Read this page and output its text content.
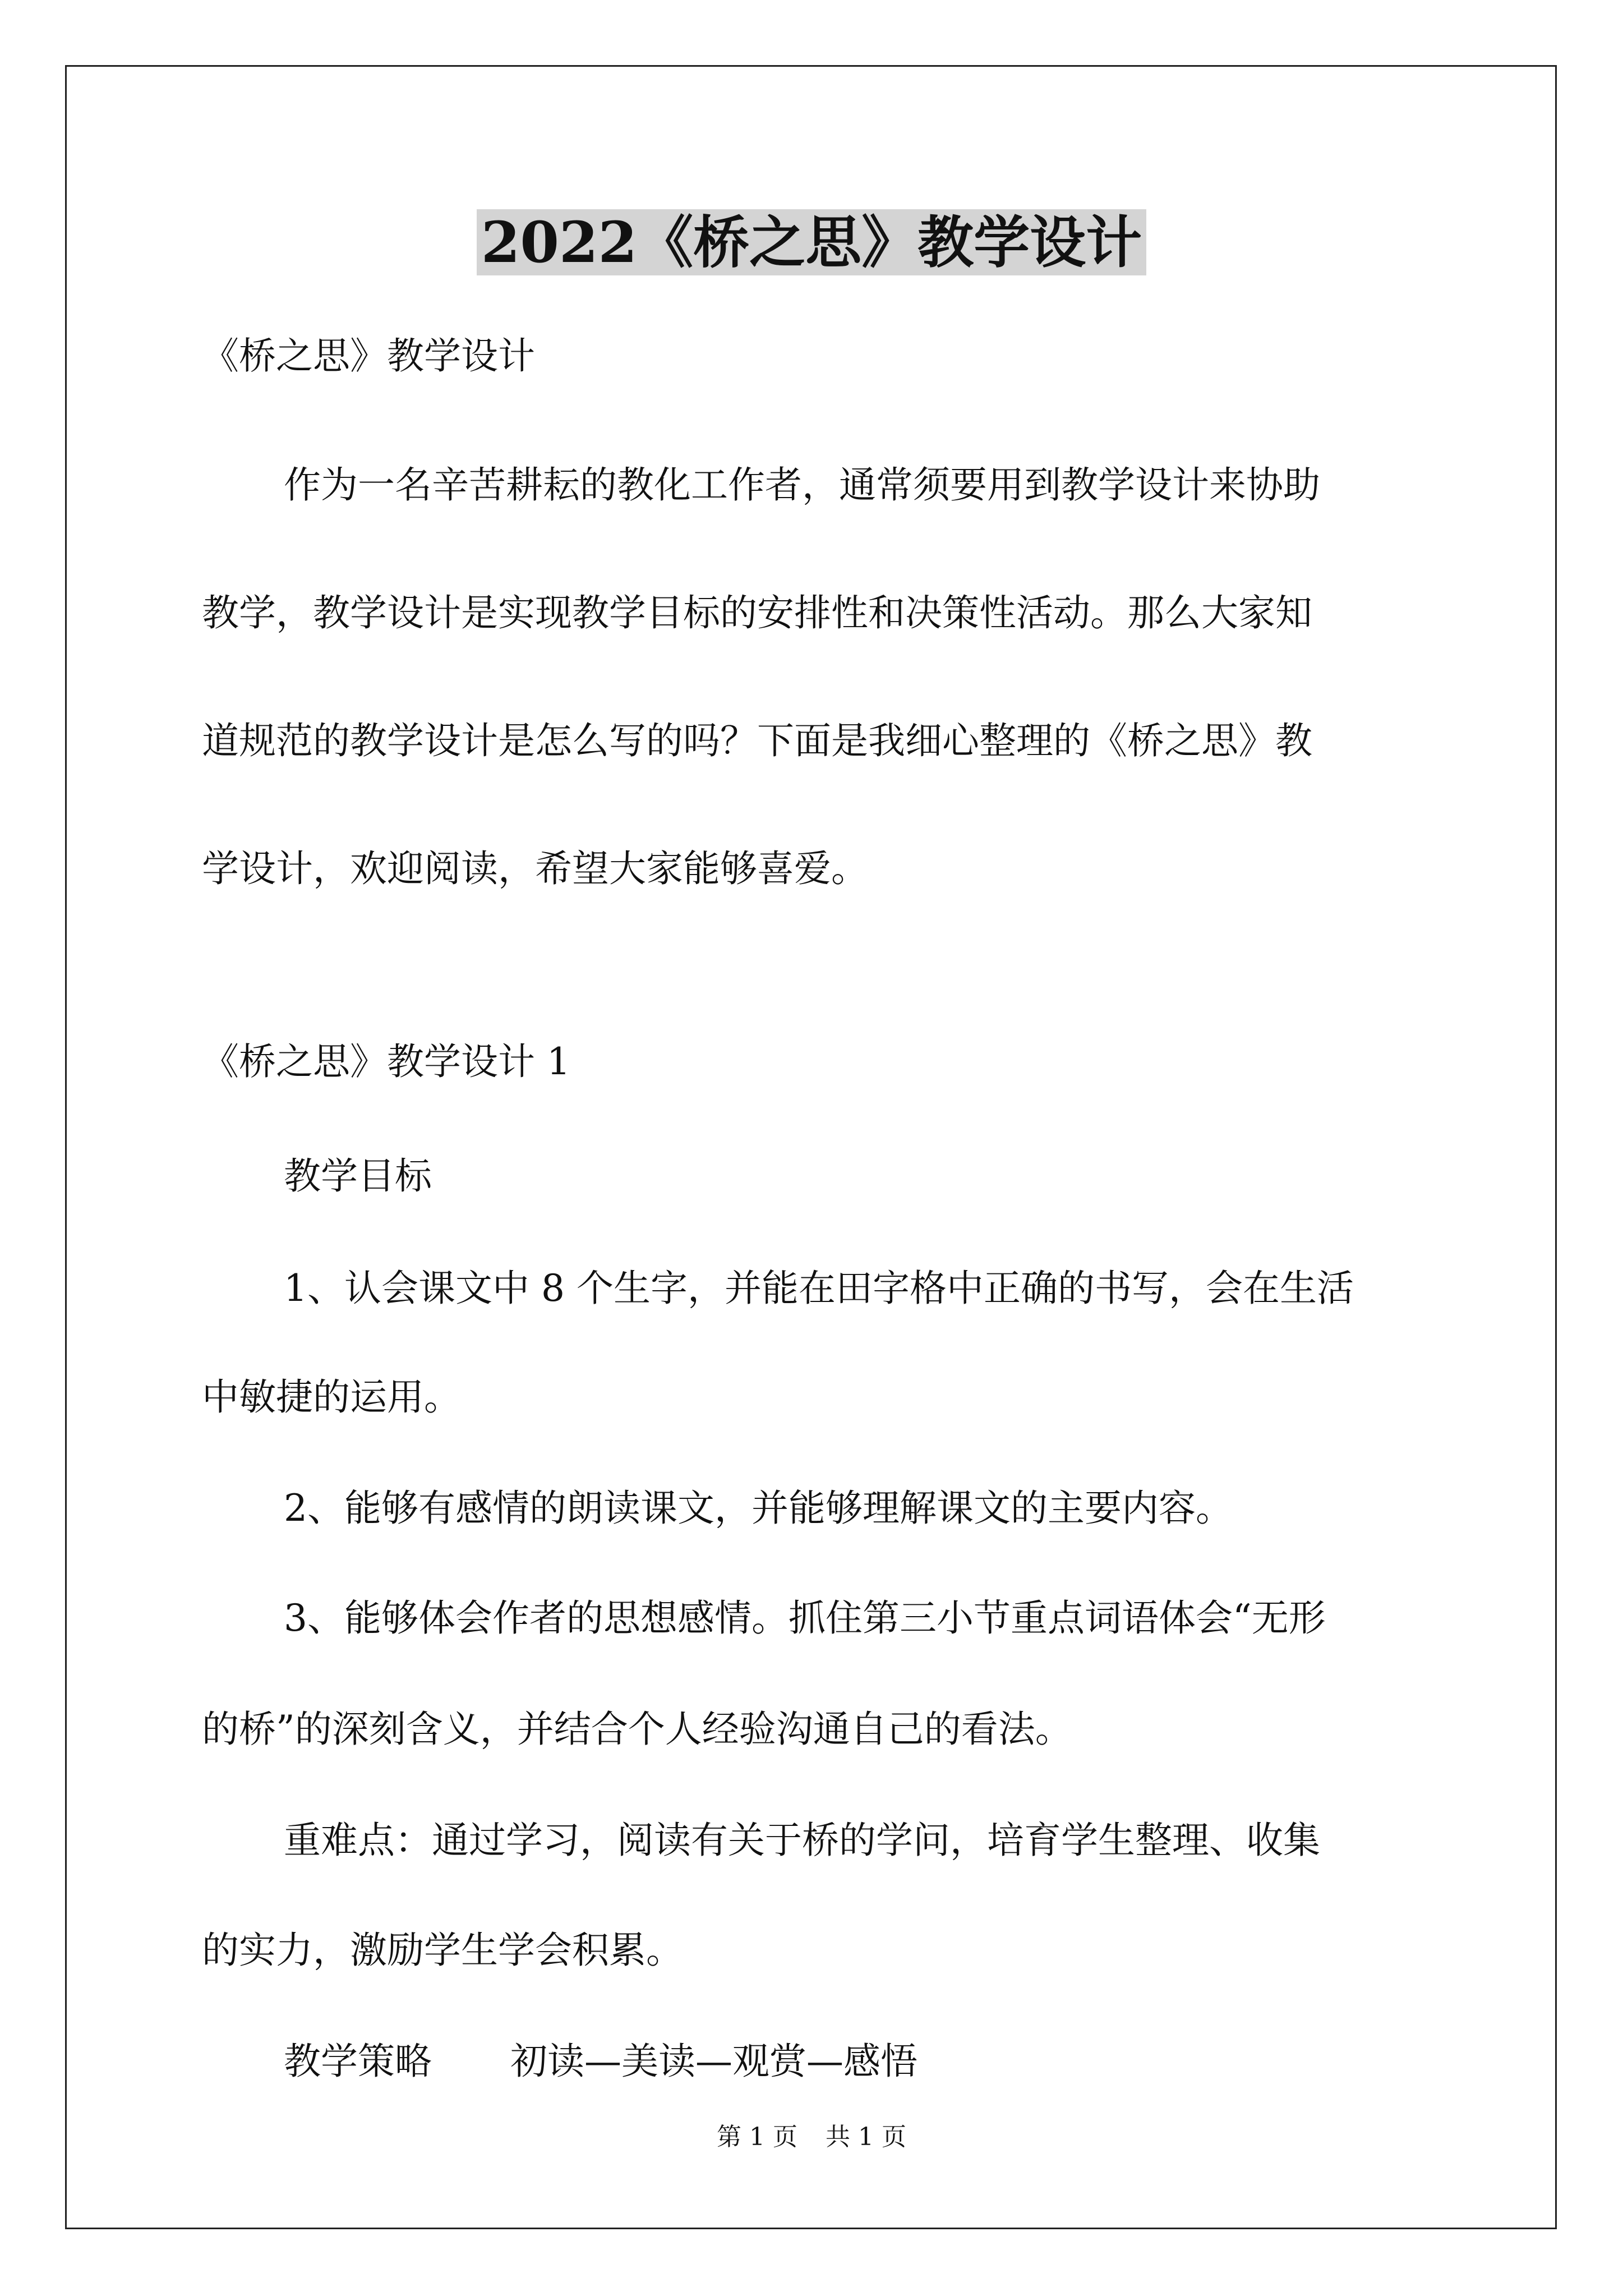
2022《桥之思》教学设计
《桥之思》教学设计
作为一名辛苦耕耘的教化工作者，通常须要用到教学设计来协助
教学，教学设计是实现教学目标的安排性和决策性活动。那么大家知
道规范的教学设计是怎么写的吗？下面是我细心整理的《桥之思》教
学设计，欢迎阅读，希望大家能够喜爱。
《桥之思》教学设计 1
教学目标
1、认会课文中 8 个生字，并能在田字格中正确的书写，会在生活
中敏捷的运用。
2、能够有感情的朗读课文，并能够理解课文的主要内容。
3、能够体会作者的思想感情。抓住第三小节重点词语体会“无形
的桥”的深刻含义，并结合个人经验沟通自己的看法。
重难点：通过学习，阅读有关于桥的学问，培育学生整理、收集
的实力，激励学生学会积累。
教学策略 初读—美读—观赏—感悟
第 1 页 共 1 页
